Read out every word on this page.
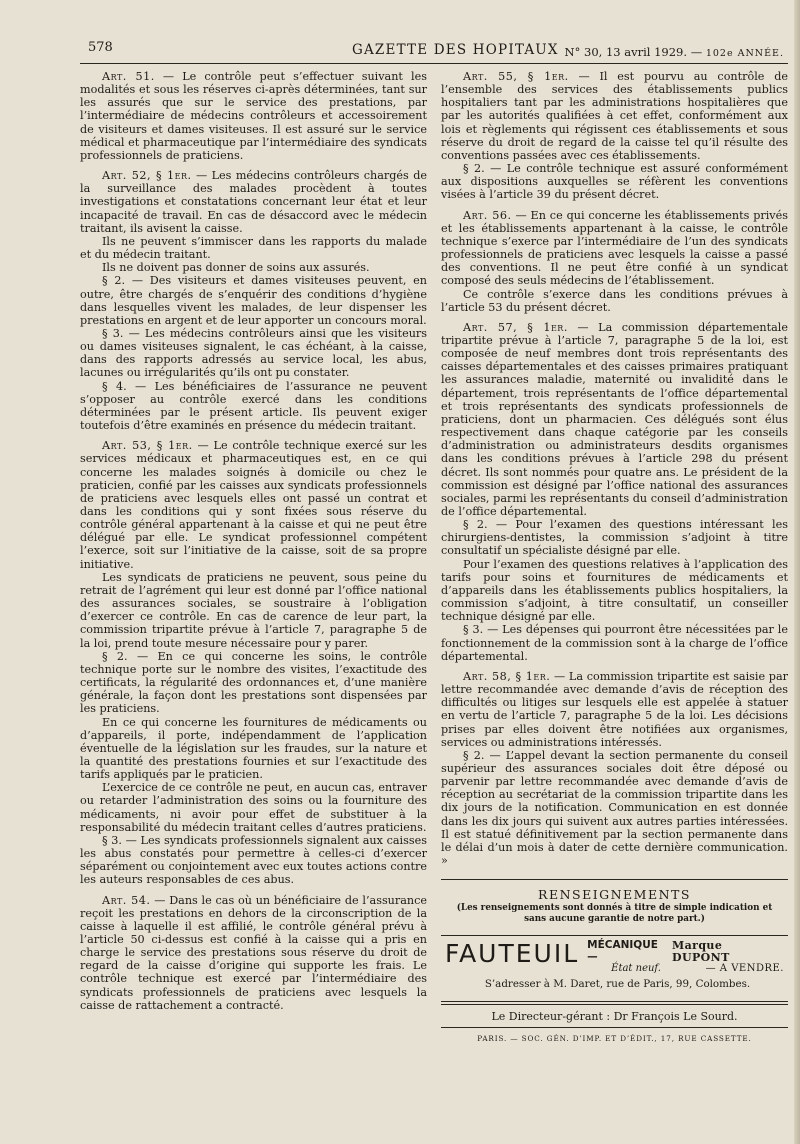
578	GAZETTE DES HOPITAUX N° 30, 13 avril 1929. — 102e ANNÉE.

Art. 51. — Le contrôle peut s’effectuer suivant les modalités et sous les réserves ci-après déterminées, tant sur les assurés que sur le service des prestations, par l’intermédiaire de médecins contrôleurs et accessoirement de visiteurs et dames visiteuses. Il est assuré sur le service médical et pharmaceutique par l’intermédiaire des syndicats professionnels de praticiens.

Art. 52, § 1er. — Les médecins contrôleurs chargés de la surveillance des malades procèdent à toutes investigations et constatations concernant leur état et leur incapacité de travail. En cas de désaccord avec le médecin traitant, ils avisent la caisse.

Ils ne peuvent s’immiscer dans les rapports du malade et du médecin traitant.

Ils ne doivent pas donner de soins aux assurés.

§ 2. — Des visiteurs et dames visiteuses peuvent, en outre, être chargés de s’enquérir des conditions d’hygiène dans lesquelles vivent les malades, de leur dispenser les prestations en argent et de leur apporter un concours moral.

§ 3. — Les médecins contrôleurs ainsi que les visiteurs ou dames visiteuses signalent, le cas échéant, à la caisse, dans des rapports adressés au service local, les abus, lacunes ou irrégularités qu’ils ont pu constater.

§ 4. — Les bénéficiaires de l’assurance ne peuvent s’opposer au contrôle exercé dans les conditions déterminées par le présent article. Ils peuvent exiger toutefois d’être examinés en présence du médecin traitant.

Art. 53, § 1er. — Le contrôle technique exercé sur les services médicaux et pharmaceutiques est, en ce qui concerne les malades soignés à domicile ou chez le praticien, confié par les caisses aux syndicats professionnels de praticiens avec lesquels elles ont passé un contrat et dans les conditions qui y sont fixées sous réserve du contrôle général appartenant à la caisse et qui ne peut être délégué par elle. Le syndicat professionnel compétent l’exerce, soit sur l’initiative de la caisse, soit de sa propre initiative.

Les syndicats de praticiens ne peuvent, sous peine du retrait de l’agrément qui leur est donné par l’office national des assurances sociales, se soustraire à l’obligation d’exercer ce contrôle. En cas de carence de leur part, la commission tripartite prévue à l’article 7, paragraphe 5 de la loi, prend toute mesure nécessaire pour y parer.

§ 2. — En ce qui concerne les soins, le contrôle technique porte sur le nombre des visites, l’exactitude des certificats, la régularité des ordonnances et, d’une manière générale, la façon dont les prestations sont dispensées par les praticiens.

En ce qui concerne les fournitures de médicaments ou d’appareils, il porte, indépendamment de l’application éventuelle de la législation sur les fraudes, sur la nature et la quantité des prestations fournies et sur l’exactitude des tarifs appliqués par le praticien.

L’exercice de ce contrôle ne peut, en aucun cas, entraver ou retarder l’administration des soins ou la fourniture des médicaments, ni avoir pour effet de substituer à la responsabilité du médecin traitant celles d’autres praticiens.

§ 3. — Les syndicats professionnels signalent aux caisses les abus constatés pour permettre à celles-ci d’exercer séparément ou conjointement avec eux toutes actions contre les auteurs responsables de ces abus.

Art. 54. — Dans le cas où un bénéficiaire de l’assurance reçoit les prestations en dehors de la circonscription de la caisse à laquelle il est affilié, le contrôle général prévu à l’article 50 ci-dessus est confié à la caisse qui a pris en charge le service des prestations sous réserve du droit de regard de la caisse d’origine qui supporte les frais. Le contrôle technique est exercé par l’intermédiaire des syndicats professionnels de praticiens avec lesquels la caisse de rattachement a contracté.

Art. 55, § 1er. — Il est pourvu au contrôle de l’ensemble des services des établissements publics hospitaliers tant par les administrations hospitalières que par les autorités qualifiées à cet effet, conformément aux lois et règlements qui régissent ces établissements et sous réserve du droit de regard de la caisse tel qu’il résulte des conventions passées avec ces établissements.

§ 2. — Le contrôle technique est assuré conformément aux dispositions auxquelles se réfèrent les conventions visées à l’article 39 du présent décret.

Art. 56. — En ce qui concerne les établissements privés et les établissements appartenant à la caisse, le contrôle technique s’exerce par l’intermédiaire de l’un des syndicats professionnels de praticiens avec lesquels la caisse a passé des conventions. Il ne peut être confié à un syndicat composé des seuls médecins de l’établissement.

Ce contrôle s’exerce dans les conditions prévues à l’article 53 du présent décret.

Art. 57, § 1er. — La commission départementale tripartite prévue à l’article 7, paragraphe 5 de la loi, est composée de neuf membres dont trois représentants des caisses départementales et des caisses primaires pratiquant les assurances maladie, maternité ou invalidité dans le département, trois représentants de l’office départemental et trois représentants des syndicats professionnels de praticiens, dont un pharmacien. Ces délégués sont élus respectivement dans chaque catégorie par les conseils d’administration ou administrateurs desdits organismes dans les conditions prévues à l’article 298 du présent décret. Ils sont nommés pour quatre ans. Le président de la commission est désigné par l’office national des assurances sociales, parmi les représentants du conseil d’administration de l’office départemental.

§ 2. — Pour l’examen des questions intéressant les chirurgiens-dentistes, la commission s’adjoint à titre consultatif un spécialiste désigné par elle.

Pour l’examen des questions relatives à l’application des tarifs pour soins et fournitures de médicaments et d’appareils dans les établissements publics hospitaliers, la commission s’adjoint, à titre consultatif, un conseiller technique désigné par elle.

§ 3. — Les dépenses qui pourront être nécessitées par le fonctionnement de la commission sont à la charge de l’office départemental.

Art. 58, § 1er. — La commission tripartite est saisie par lettre recommandée avec demande d’avis de réception des difficultés ou litiges sur lesquels elle est appelée à statuer en vertu de l’article 7, paragraphe 5 de la loi. Les décisions prises par elles doivent être notifiées aux organismes, services ou administrations intéressés.

§ 2. — L’appel devant la section permanente du conseil supérieur des assurances sociales doit être déposé ou parvenir par lettre recommandée avec demande d’avis de réception au secrétariat de la commission tripartite dans les dix jours de la notification. Communication en est donnée dans les dix jours qui suivent aux autres parties intéressées. Il est statué définitivement par la section permanente dans le délai d’un mois à dater de cette dernière communication. »

RENSEIGNEMENTS
(Les renseignements sont donnés à titre de simple indication et sans aucune garantie de notre part.)
FAUTEUIL MÉCANIQUE —
Marque DUPONT
État neuf.	— A VENDRE.
S’adresser à M. Daret, rue de Paris, 99, Colombes.
Le Directeur-gérant : Dr François Le Sourd.
PARIS. — SOC. GÉN. D’IMP. ET D’ÉDIT., 17, RUE CASSETTE.
